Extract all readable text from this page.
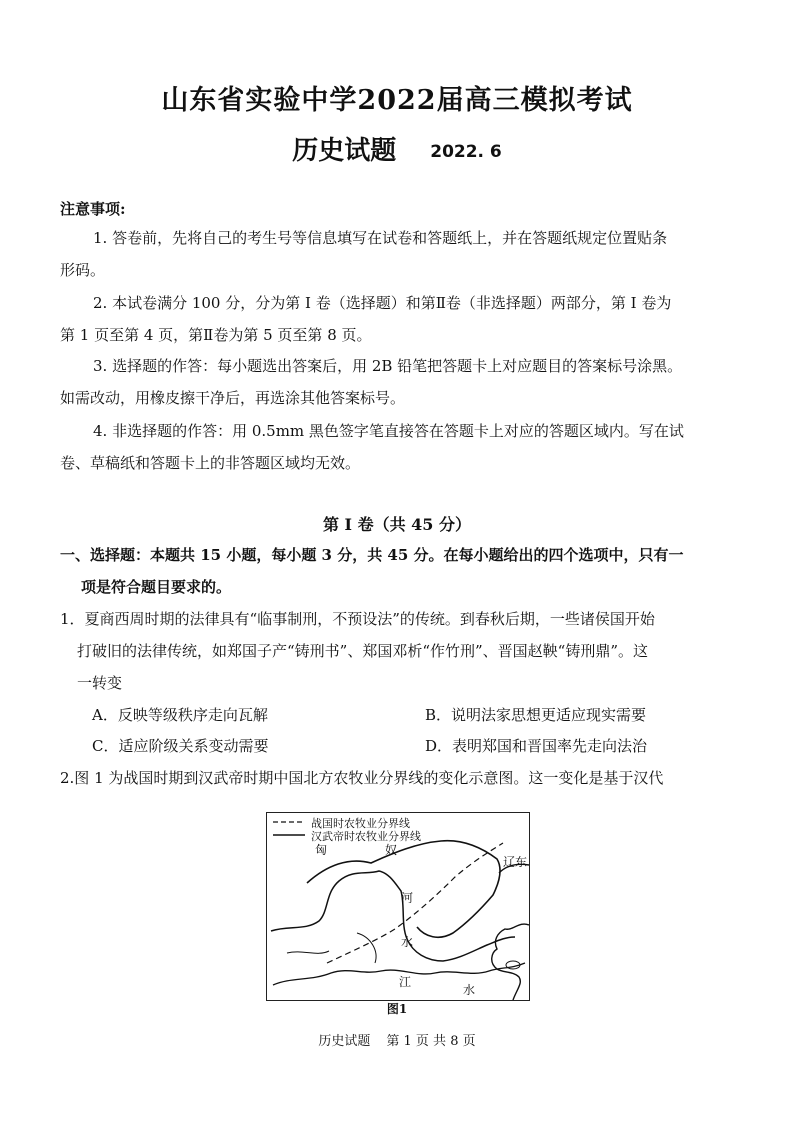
山东省实验中学2022届高三模拟考试
历史试题 2022. 6
注意事项:
1. 答卷前，先将自己的考生号等信息填写在试卷和答题纸上，并在答题纸规定位置贴条
形码。
2. 本试卷满分 100 分，分为第 I 卷（选择题）和第Ⅱ卷（非选择题）两部分，第 I 卷为
第 1 页至第 4 页，第Ⅱ卷为第 5 页至第 8 页。
3. 选择题的作答：每小题选出答案后，用 2B 铅笔把答题卡上对应题目的答案标号涂黑。
如需改动，用橡皮擦干净后，再选涂其他答案标号。
4. 非选择题的作答：用 0.5mm 黑色签字笔直接答在答题卡上对应的答题区域内。写在试
卷、草稿纸和答题卡上的非答题区域均无效。
第 I 卷（共 45 分）
一、选择题：本题共 15 小题，每小题 3 分，共 45 分。在每小题给出的四个选项中，只有一
项是符合题目要求的。
1．夏商西周时期的法律具有“临事制刑，不预设法”的传统。到春秋后期，一些诸侯国开始
打破旧的法律传统，如郑国子产“铸刑书”、郑国邓析“作竹刑”、晋国赵鞅“铸刑鼎”。这
一转变
A．反映等级秩序走向瓦解	B．说明法家思想更适应现实需要
C．适应阶级关系变动需要	D．表明郑国和晋国率先走向法治
2.图 1 为战国时期到汉武帝时期中国北方农牧业分界线的变化示意图。这一变化是基于汉代
战国时农牧业分界线
汉武帝时农牧业分界线
匈	奴
辽东
河
水
江
水
图1
历史试题 第 1 页 共 8 页
